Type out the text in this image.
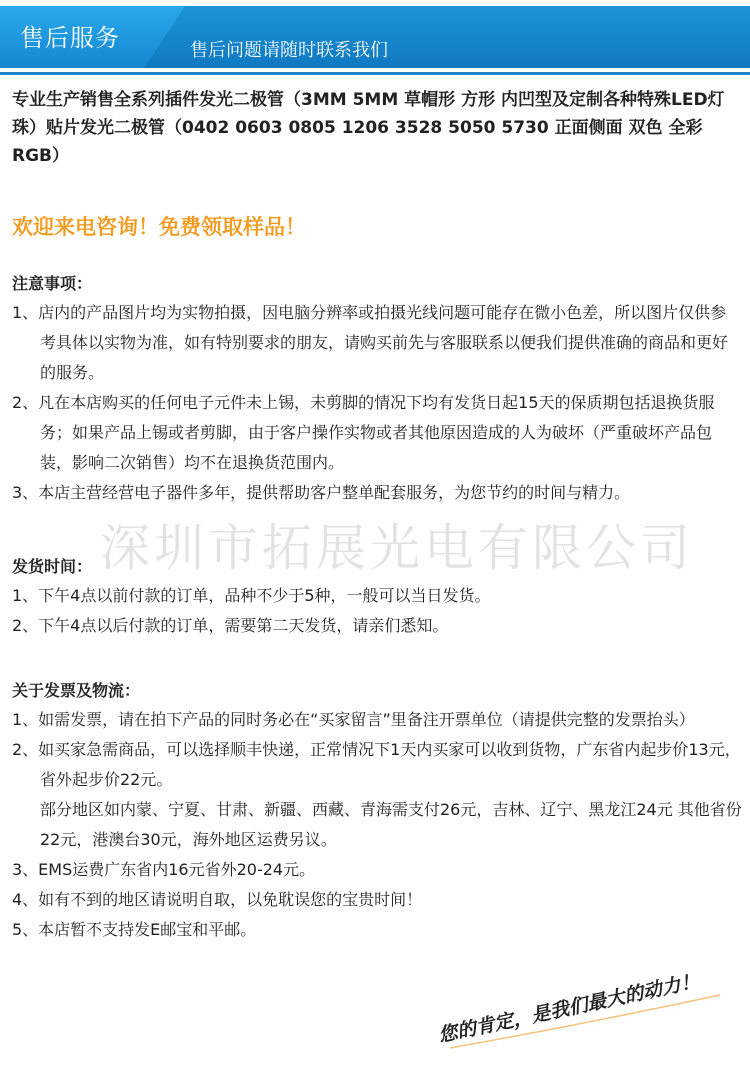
售后服务	售后问题请随时联系我们
专业生产销售全系列插件发光二极管（3MM 5MM 草帽形 方形 内凹型及定制各种特殊LED灯珠）贴片发光二极管（0402 0603 0805 1206 3528 5050 5730 正面侧面 双色 全彩RGB）
欢迎来电咨询！免费领取样品！
注意事项：
1、店内的产品图片均为实物拍摄，因电脑分辨率或拍摄光线问题可能存在微小色差，所以图片仅供参考具体以实物为准，如有特别要求的朋友，请购买前先与客服联系以便我们提供准确的商品和更好的服务。
2、凡在本店购买的任何电子元件未上锡，未剪脚的情况下均有发货日起15天的保质期包括退换货服务；如果产品上锡或者剪脚，由于客户操作实物或者其他原因造成的人为破坏（严重破坏产品包装，影响二次销售）均不在退换货范围内。
3、本店主营经营电子器件多年，提供帮助客户整单配套服务，为您节约的时间与精力。
深圳市拓展光电有限公司
发货时间：
1、下午4点以前付款的订单，品种不少于5种，一般可以当日发货。
2、下午4点以后付款的订单，需要第二天发货，请亲们悉知。
关于发票及物流：
1、如需发票，请在拍下产品的同时务必在“买家留言”里备注开票单位（请提供完整的发票抬头）
2、如买家急需商品，可以选择顺丰快递，正常情况下1天内买家可以收到货物，广东省内起步价13元，省外起步价22元。
部分地区如内蒙、宁夏、甘肃、新疆、西藏、青海需支付26元，吉林、辽宁、黑龙江24元 其他省份22元，港澳台30元，海外地区运费另议。
3、EMS运费广东省内16元省外20-24元。
4、如有不到的地区请说明自取，以免耽误您的宝贵时间！
5、本店暂不支持发E邮宝和平邮。
您的肯定，是我们最大的动力！
